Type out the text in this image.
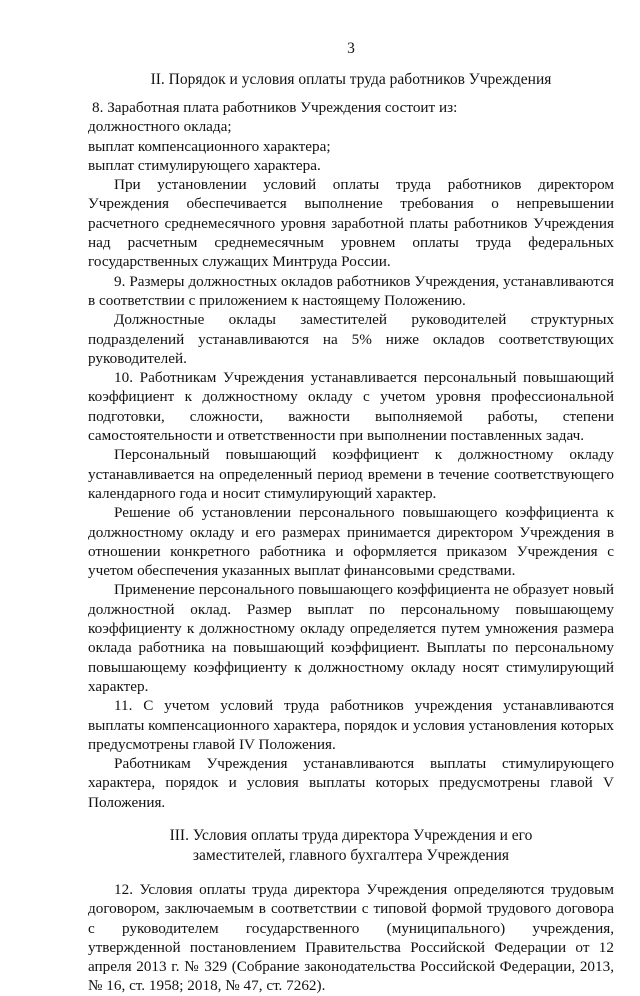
3
II. Порядок и условия оплаты труда работников Учреждения

8. Заработная плата работников Учреждения состоит из:

должностного оклада;

выплат компенсационного характера;

выплат стимулирующего характера.

При установлении условий оплаты труда работников директором Учреждения обеспечивается выполнение требования о непревышении расчетного среднемесячного уровня заработной платы работников Учреждения над расчетным среднемесячным уровнем оплаты труда федеральных государственных служащих Минтруда России.

9. Размеры должностных окладов работников Учреждения, устанавливаются в соответствии с приложением к настоящему Положению.

Должностные оклады заместителей руководителей структурных подразделений устанавливаются на 5% ниже окладов соответствующих руководителей.

10. Работникам Учреждения устанавливается персональный повышающий коэффициент к должностному окладу с учетом уровня профессиональной подготовки, сложности, важности выполняемой работы, степени самостоятельности и ответственности при выполнении поставленных задач.

Персональный повышающий коэффициент к должностному окладу устанавливается на определенный период времени в течение соответствующего календарного года и носит стимулирующий характер.

Решение об установлении персонального повышающего коэффициента к должностному окладу и его размерах принимается директором Учреждения в отношении конкретного работника и оформляется приказом Учреждения с учетом обеспечения указанных выплат финансовыми средствами.

Применение персонального повышающего коэффициента не образует новый должностной оклад. Размер выплат по персональному повышающему коэффициенту к должностному окладу определяется путем умножения размера оклада работника на повышающий коэффициент. Выплаты по персональному повышающему коэффициенту к должностному окладу носят стимулирующий характер.

11. С учетом условий труда работников учреждения устанавливаются выплаты компенсационного характера, порядок и условия установления которых предусмотрены главой IV Положения.

Работникам Учреждения устанавливаются выплаты стимулирующего характера, порядок и условия выплаты которых предусмотрены главой V Положения.

III. Условия оплаты труда директора Учреждения и его
заместителей, главного бухгалтера Учреждения

12. Условия оплаты труда директора Учреждения определяются трудовым договором, заключаемым в соответствии с типовой формой трудового договора с руководителем государственного (муниципального) учреждения, утвержденной постановлением Правительства Российской Федерации от 12 апреля 2013 г. № 329 (Собрание законодательства Российской Федерации, 2013, № 16, ст. 1958; 2018, № 47, ст. 7262).
